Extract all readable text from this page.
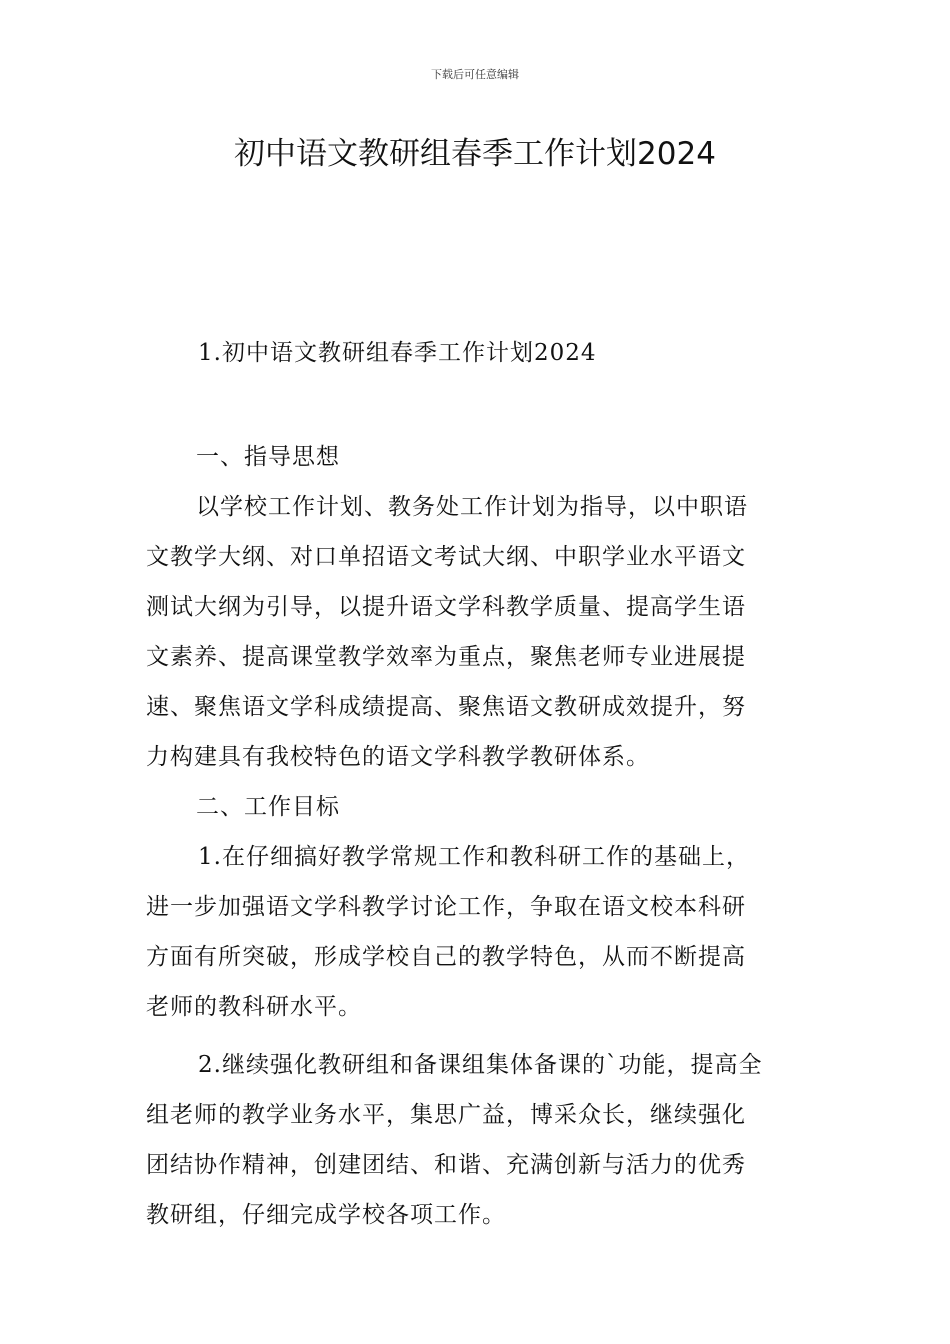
下载后可任意编辑
初中语文教研组春季工作计划2024
1.初中语文教研组春季工作计划2024
一、指导思想
以学校工作计划、教务处工作计划为指导，以中职语
文教学大纲、对口单招语文考试大纲、中职学业水平语文
测试大纲为引导，以提升语文学科教学质量、提高学生语
文素养、提高课堂教学效率为重点，聚焦老师专业进展提
速、聚焦语文学科成绩提高、聚焦语文教研成效提升，努
力构建具有我校特色的语文学科教学教研体系。
二、工作目标
1.在仔细搞好教学常规工作和教科研工作的基础上，
进一步加强语文学科教学讨论工作，争取在语文校本科研
方面有所突破，形成学校自己的教学特色，从而不断提高
老师的教科研水平。
2.继续强化教研组和备课组集体备课的`功能，提高全
组老师的教学业务水平，集思广益，博采众长，继续强化
团结协作精神，创建团结、和谐、充满创新与活力的优秀
教研组，仔细完成学校各项工作。
